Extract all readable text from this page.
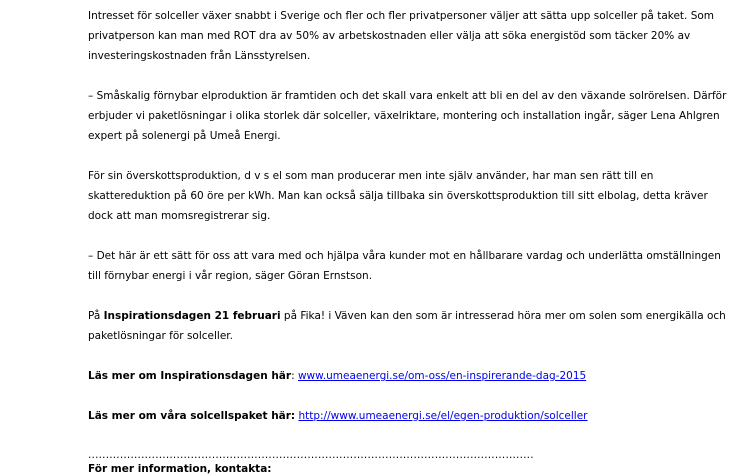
Intresset för solceller växer snabbt i Sverige och fler och fler privatpersoner väljer att sätta upp solceller på taket. Som privatperson kan man med ROT dra av 50% av arbetskostnaden eller välja att söka energistöd som täcker 20% av investeringskostnaden från Länsstyrelsen.

– Småskalig förnybar elproduktion är framtiden och det skall vara enkelt att bli en del av den växande solrörelsen. Därför erbjuder vi paketlösningar i olika storlek där solceller, växelriktare, montering och installation ingår, säger Lena Ahlgren expert på solenergi på Umeå Energi.

För sin överskottsproduktion, d v s el som man producerar men inte själv använder, har man sen rätt till en skattereduktion på 60 öre per kWh. Man kan också sälja tillbaka sin överskottsproduktion till sitt elbolag, detta kräver dock att man momsregistrerar sig.

– Det här är ett sätt för oss att vara med och hjälpa våra kunder mot en hållbarare vardag och underlätta omställningen till förnybar energi i vår region, säger Göran Ernstson.

På Inspirationsdagen 21 februari på Fika! i Väven kan den som är intresserad höra mer om solen som energikälla och paketlösningar för solceller.

Läs mer om Inspirationsdagen här: www.umeaenergi.se/om-oss/en-inspirerande-dag-2015

Läs mer om våra solcellspaket här: http://www.umeaenergi.se/el/egen-produktion/solceller

..............................................................................................................................
För mer information, kontakta:
